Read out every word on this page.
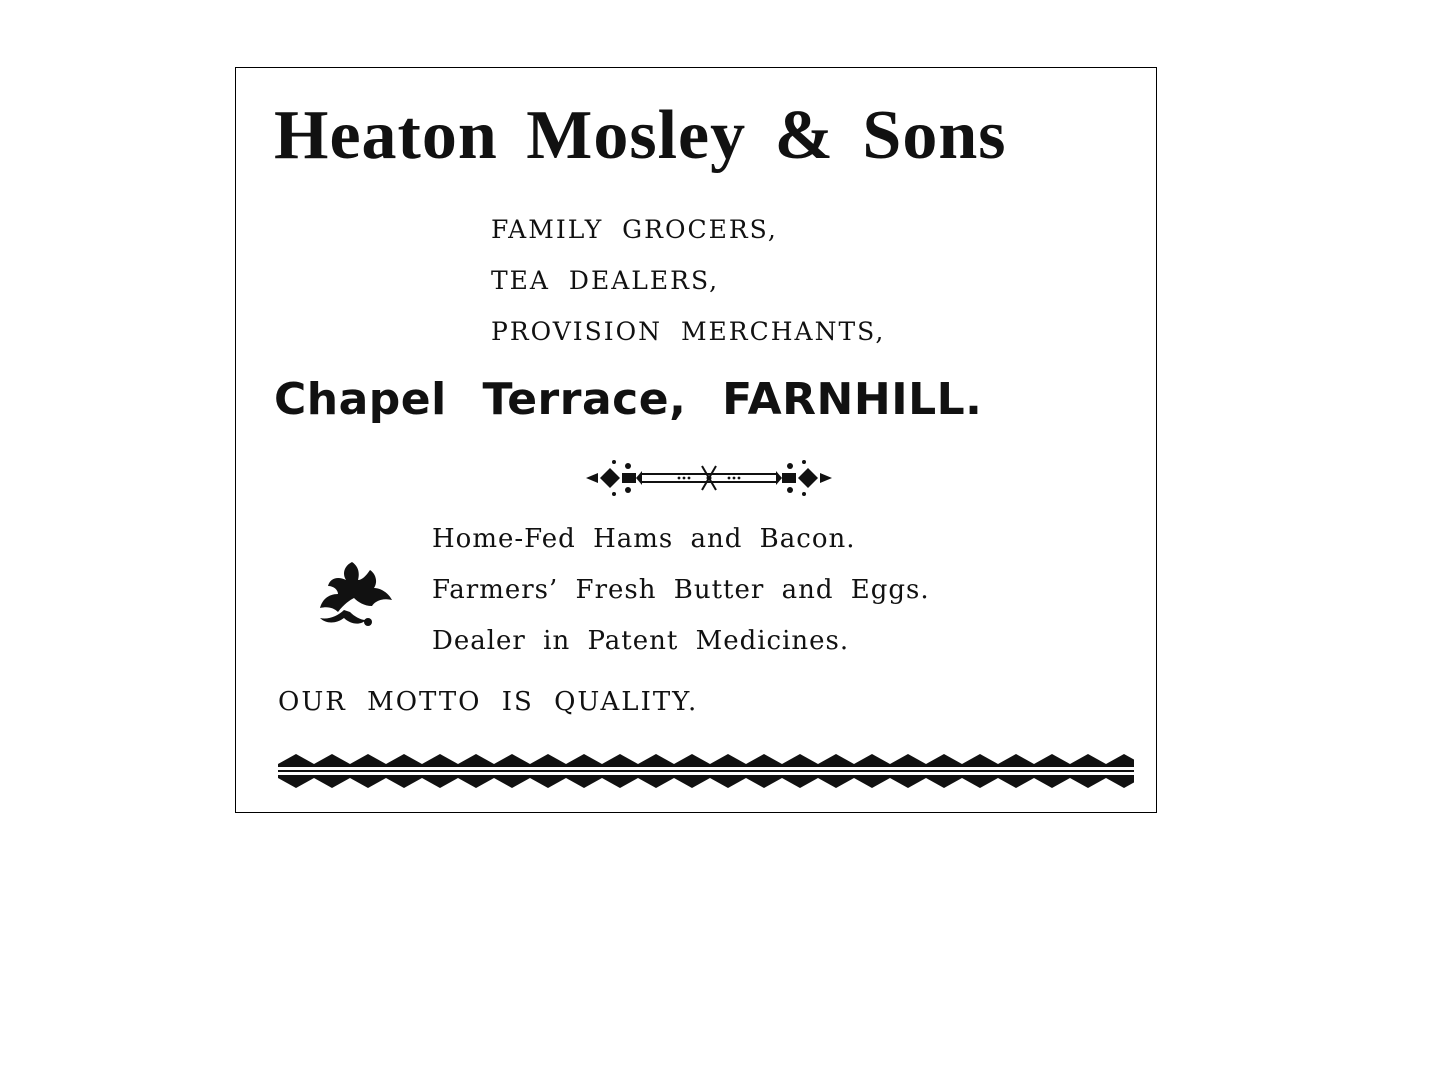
Heaton Mosley & Sons
FAMILY GROCERS,
TEA DEALERS,
PROVISION MERCHANTS,
Chapel Terrace, FARNHILL.
Home-Fed Hams and Bacon.
Farmers’ Fresh Butter and Eggs.
Dealer in Patent Medicines.
OUR MOTTO IS QUALITY.
